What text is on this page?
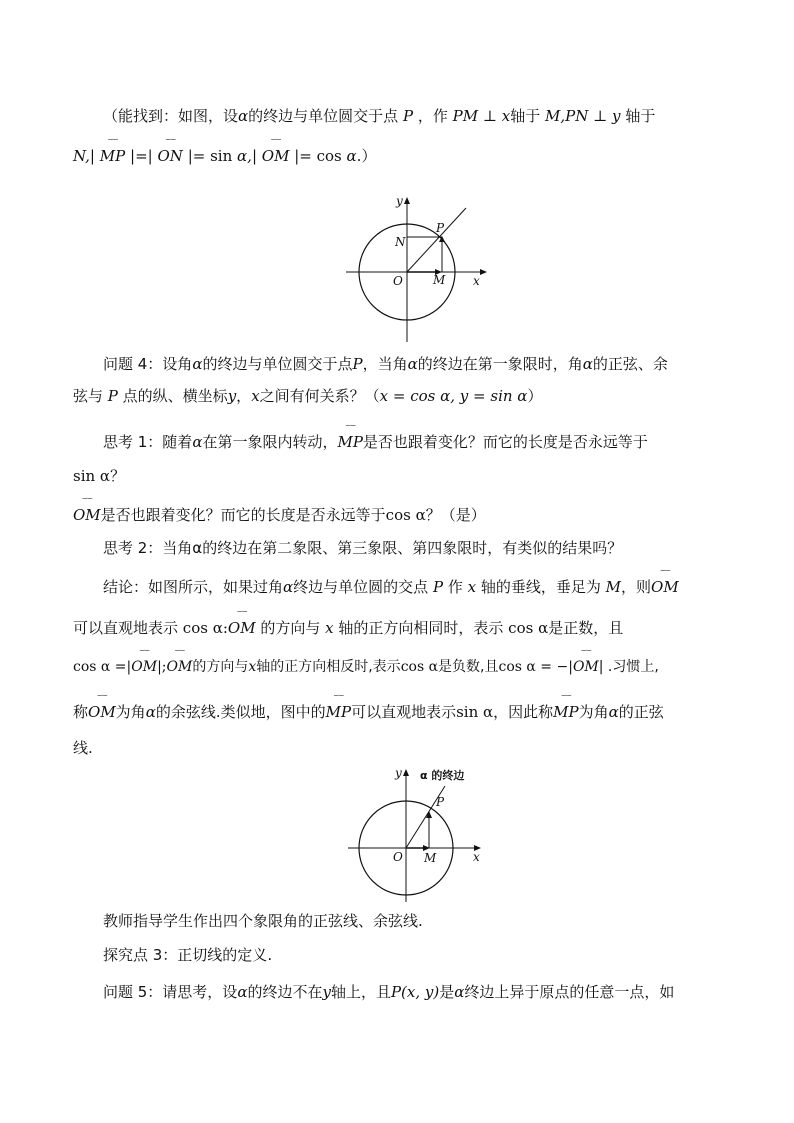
（能找到：如图，设α的终边与单位圆交于点 P ，作 PM ⊥ x轴于 M,PN ⊥ y 轴于
N,| ⌣⌣ MP |=| ⌣⌣ ON |= sin α,| ⌣⌣ OM |= cos α.）
y
x
O	M
N
P
问题 4：设角α的终边与单位圆交于点P，当角α的终边在第一象限时，角α的正弦、余
弦与 P 点的纵、横坐标y，x之间有何关系？（x = cos α, y = sin α）
思考 1：随着α在第一象限内转动，⌣⌣ MP是否也跟着变化？而它的长度是否永远等于
sin α？
⌣⌣ OM是否也跟着变化？而它的长度是否永远等于cos α？（是）
思考 2：当角α的终边在第二象限、第三象限、第四象限时，有类似的结果吗？
结论：如图所示，如果过角α终边与单位圆的交点 P 作 x 轴的垂线，垂足为 M，则⌣⌣ OM
可以直观地表示 cos α:⌣⌣ OM 的方向与 x 轴的正方向相同时，表示 cos α是正数，且
cos α =|⌣⌣ OM|;⌣⌣ OM的方向与x轴的正方向相反时,表示cos α是负数,且cos α = −|⌣⌣ OM| .习惯上,
称⌣⌣ OM为角α的余弦线.类似地，图中的⌣⌣ MP可以直观地表示sin α，因此称⌣⌣ MP为角α的正弦
线.
y α 的终边
P
x
O M
教师指导学生作出四个象限角的正弦线、余弦线.
探究点 3：正切线的定义.
问题 5：请思考，设α的终边不在y轴上，且P(x, y)是α终边上异于原点的任意一点，如
